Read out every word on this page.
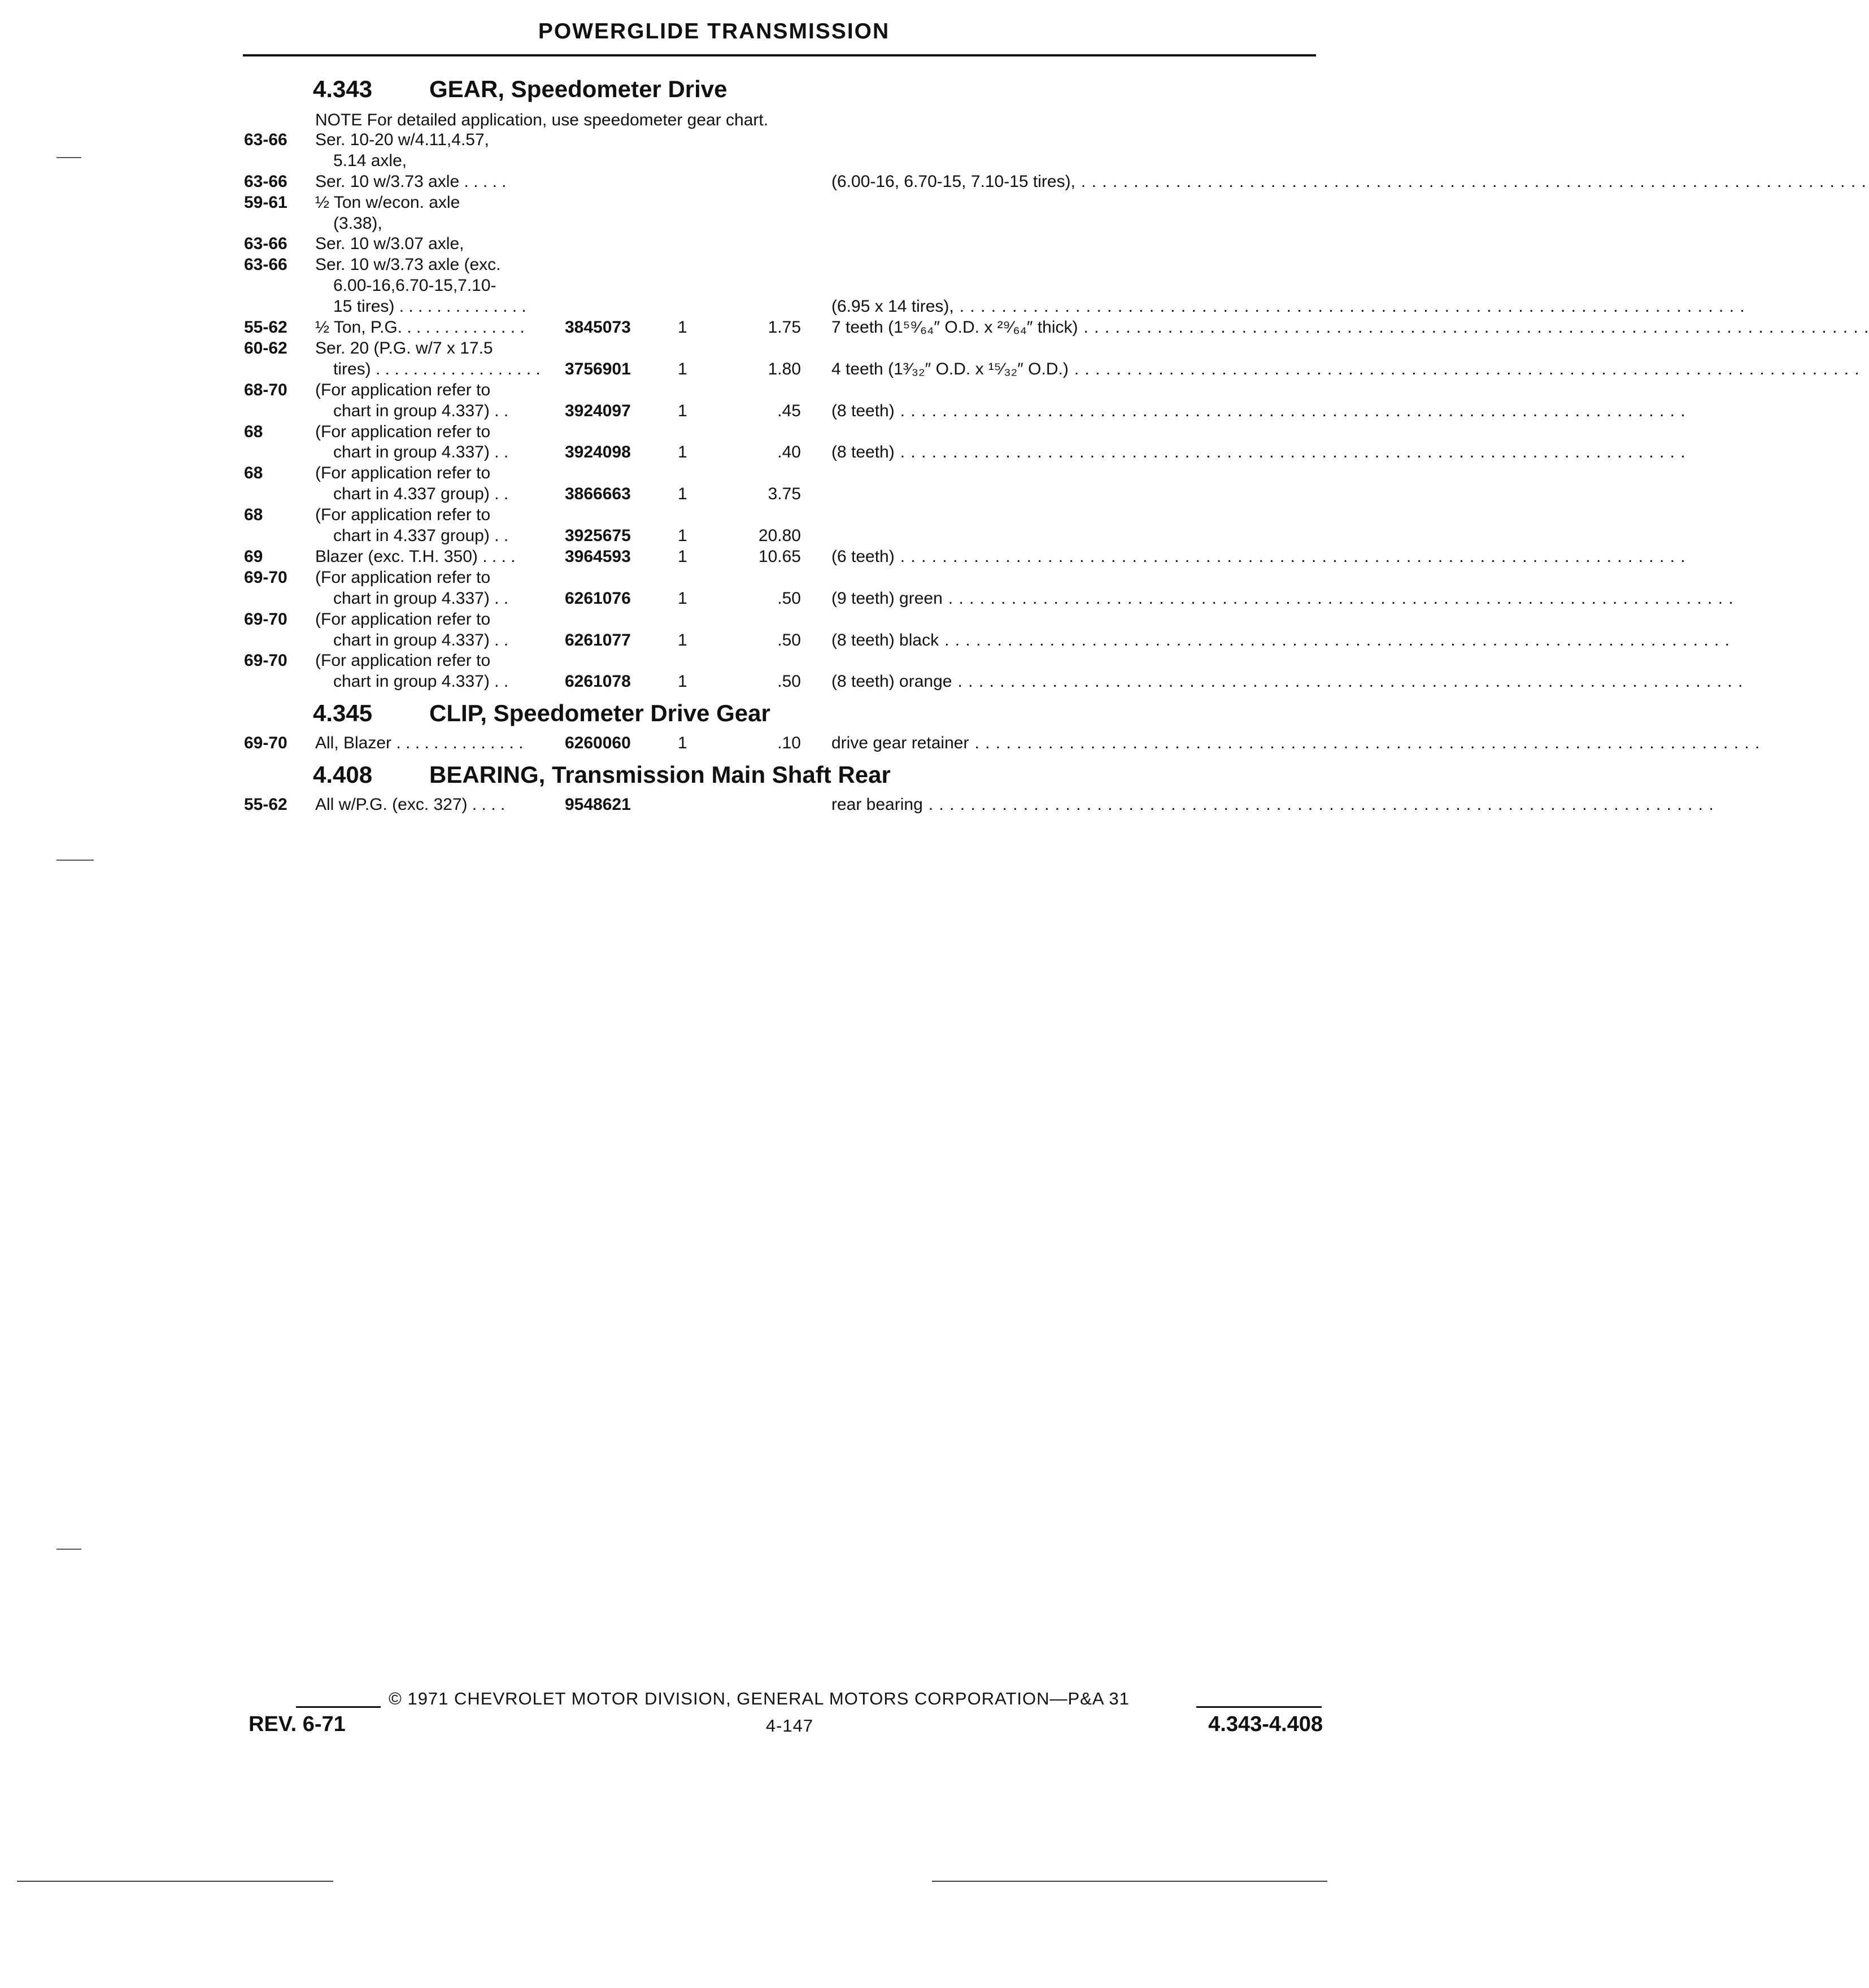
POWERGLIDE TRANSMISSION
4.343 GEAR, Speedometer Drive
NOTE For detailed application, use speedometer gear chart.
63-66 Ser. 10-20 w/4.11,4.57,
5.14 axle,
63-66 Ser. 10 w/3.73 axle . . . . .	(6.00-16, 6.70-15, 7.10-15 tires), . . . . . . . . . . . . . . . . . . . . . . . . . . . . . . . . . . . . . . . . . . . . . . . . . . . . . . . . . . . . . . . . . . . . . . . . . . .
59-61 ½ Ton w/econ. axle
(3.38),
63-66 Ser. 10 w/3.07 axle,
63-66 Ser. 10 w/3.73 axle (exc.
6.00-16,6.70-15,7.10-
15 tires) . . . . . . . . . . . . . .	(6.95 x 14 tires), . . . . . . . . . . . . . . . . . . . . . . . . . . . . . . . . . . . . . . . . . . . . . . . . . . . . . . . . . . . . . . . . . . . . . . . . . . .
55-62 ½ Ton, P.G. . . . . . . . . . . . . . 3845073	1	1.75 7 teeth (1⁵⁹⁄₆₄″ O.D. x ²⁹⁄₆₄″ thick) . . . . . . . . . . . . . . . . . . . . . . . . . . . . . . . . . . . . . . . . . . . . . . . . . . . . . . . . . . . . . . . . . . . . . . . . . . .
60-62 Ser. 20 (P.G. w/7 x 17.5
tires) . . . . . . . . . . . . . . . . . . 3756901	1	1.80 4 teeth (1³⁄₃₂″ O.D. x ¹⁵⁄₃₂″ O.D.) . . . . . . . . . . . . . . . . . . . . . . . . . . . . . . . . . . . . . . . . . . . . . . . . . . . . . . . . . . . . . . . . . . . . . . . . . . .
68-70 (For application refer to
chart in group 4.337) . .	3924097	1	.45 (8 teeth) . . . . . . . . . . . . . . . . . . . . . . . . . . . . . . . . . . . . . . . . . . . . . . . . . . . . . . . . . . . . . . . . . . . . . . . . . . .
68	(For application refer to
chart in group 4.337) . .	3924098	1	.40 (8 teeth) . . . . . . . . . . . . . . . . . . . . . . . . . . . . . . . . . . . . . . . . . . . . . . . . . . . . . . . . . . . . . . . . . . . . . . . . . . .
68	(For application refer to
chart in 4.337 group) . .	3866663	1	3.75
68	(For application refer to
chart in 4.337 group) . .	3925675	1	20.80
69	Blazer (exc. T.H. 350) . . . .	3964593	1	10.65 (6 teeth) . . . . . . . . . . . . . . . . . . . . . . . . . . . . . . . . . . . . . . . . . . . . . . . . . . . . . . . . . . . . . . . . . . . . . . . . . . .
69-70 (For application refer to
chart in group 4.337) . .	6261076	1	.50 (9 teeth) green . . . . . . . . . . . . . . . . . . . . . . . . . . . . . . . . . . . . . . . . . . . . . . . . . . . . . . . . . . . . . . . . . . . . . . . . . . .
69-70 (For application refer to
chart in group 4.337) . .	6261077	1	.50 (8 teeth) black . . . . . . . . . . . . . . . . . . . . . . . . . . . . . . . . . . . . . . . . . . . . . . . . . . . . . . . . . . . . . . . . . . . . . . . . . . .
69-70 (For application refer to
chart in group 4.337) . .	6261078	1	.50 (8 teeth) orange . . . . . . . . . . . . . . . . . . . . . . . . . . . . . . . . . . . . . . . . . . . . . . . . . . . . . . . . . . . . . . . . . . . . . . . . . . .
4.345 CLIP, Speedometer Drive Gear
69-70 All, Blazer . . . . . . . . . . . . . . 6260060	1	.10 drive gear retainer . . . . . . . . . . . . . . . . . . . . . . . . . . . . . . . . . . . . . . . . . . . . . . . . . . . . . . . . . . . . . . . . . . . . . . . . . . .
4.408 BEARING, Transmission Main Shaft Rear
55-62 All w/P.G. (exc. 327) . . . .	9548621	rear bearing . . . . . . . . . . . . . . . . . . . . . . . . . . . . . . . . . . . . . . . . . . . . . . . . . . . . . . . . . . . . . . . . . . . . . . . . . . .
© 1971 CHEVROLET MOTOR DIVISION, GENERAL MOTORS CORPORATION—P&A 31
REV. 6-71	4-147	4.343-4.408
